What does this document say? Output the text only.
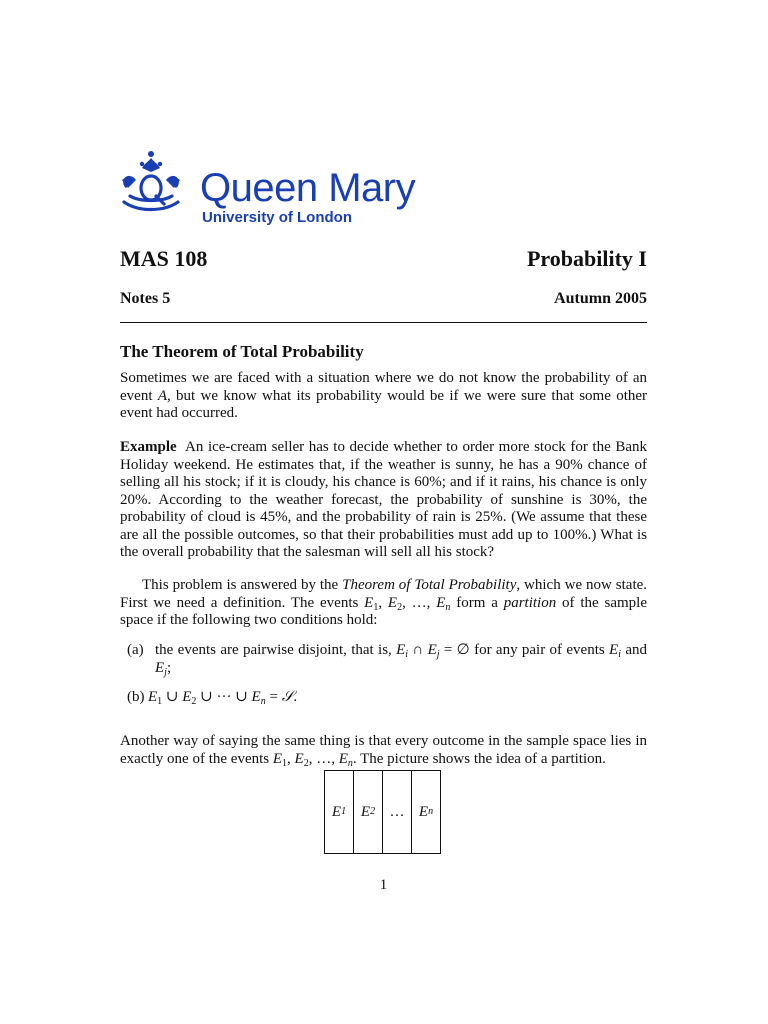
Queen Mary
University of London
MAS 108	Probability I
Notes 5	Autumn 2005
The Theorem of Total Probability

Sometimes we are faced with a situation where we do not know the probability of an event A, but we know what its probability would be if we were sure that some other event had occurred.

Example An ice-cream seller has to decide whether to order more stock for the Bank Holiday weekend. He estimates that, if the weather is sunny, he has a 90% chance of selling all his stock; if it is cloudy, his chance is 60%; and if it rains, his chance is only 20%. According to the weather forecast, the probability of sunshine is 30%, the probability of cloud is 45%, and the probability of rain is 25%. (We assume that these are all the possible outcomes, so that their probabilities must add up to 100%.) What is the overall probability that the salesman will sell all his stock?

This problem is answered by the Theorem of Total Probability, which we now state. First we need a definition. The events $E_1$, $E_2$, …, $E_n$ form a partition of the sample space if the following two conditions hold:

(a) the events are pairwise disjoint, that is, $E_i$ ∩ $E_j$ = ∅ for any pair of events $E_i$ and $E_j$;
(b) $E_1$ ∪ $E_2$ ∪ ··· ∪ $E_n$ = 𝒮.

Another way of saying the same thing is that every outcome in the sample space lies in exactly one of the events $E_1$, $E_2$, …, $E_n$. The picture shows the idea of a partition.

1
E 1 E 2 … E n
